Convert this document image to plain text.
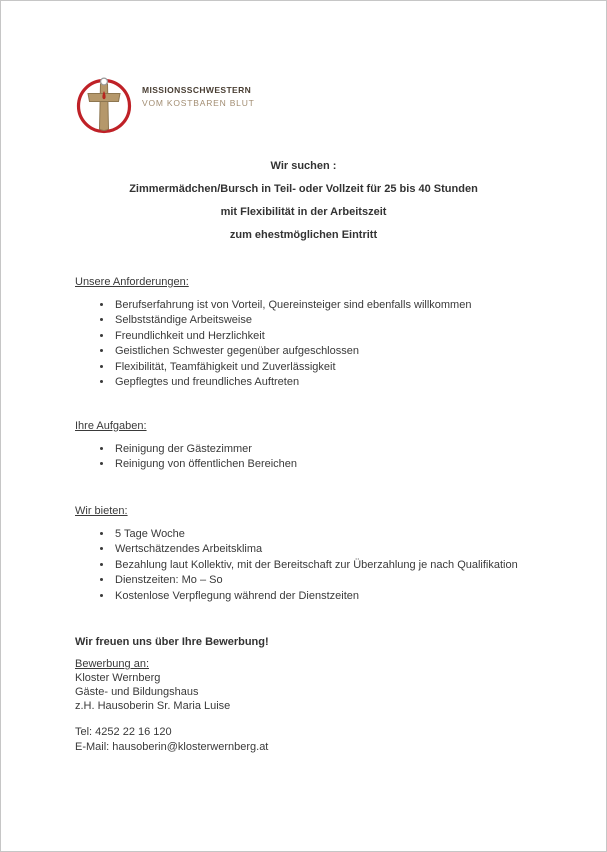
MISSIONSSCHWESTERN
VOM KOSTBAREN BLUT
Wir suchen :
Zimmermädchen/Bursch in Teil- oder Vollzeit für 25 bis 40 Stunden
mit Flexibilität in der Arbeitszeit
zum ehestmöglichen Eintritt
Unsere Anforderungen:
• Berufserfahrung ist von Vorteil, Quereinsteiger sind ebenfalls willkommen
• Selbstständige Arbeitsweise
• Freundlichkeit und Herzlichkeit
• Geistlichen Schwester gegenüber aufgeschlossen
• Flexibilität, Teamfähigkeit und Zuverlässigkeit
• Gepflegtes und freundliches Auftreten
Ihre Aufgaben:
• Reinigung der Gästezimmer
• Reinigung von öffentlichen Bereichen
Wir bieten:
• 5 Tage Woche
• Wertschätzendes Arbeitsklima
• Bezahlung laut Kollektiv, mit der Bereitschaft zur Überzahlung je nach Qualifikation
• Dienstzeiten: Mo – So
• Kostenlose Verpflegung während der Dienstzeiten
Wir freuen uns über Ihre Bewerbung!
Bewerbung an:
Kloster Wernberg
Gäste- und Bildungshaus
z.H. Hausoberin Sr. Maria Luise
Tel: 4252 22 16 120
E-Mail: hausoberin@klosterwernberg.at
